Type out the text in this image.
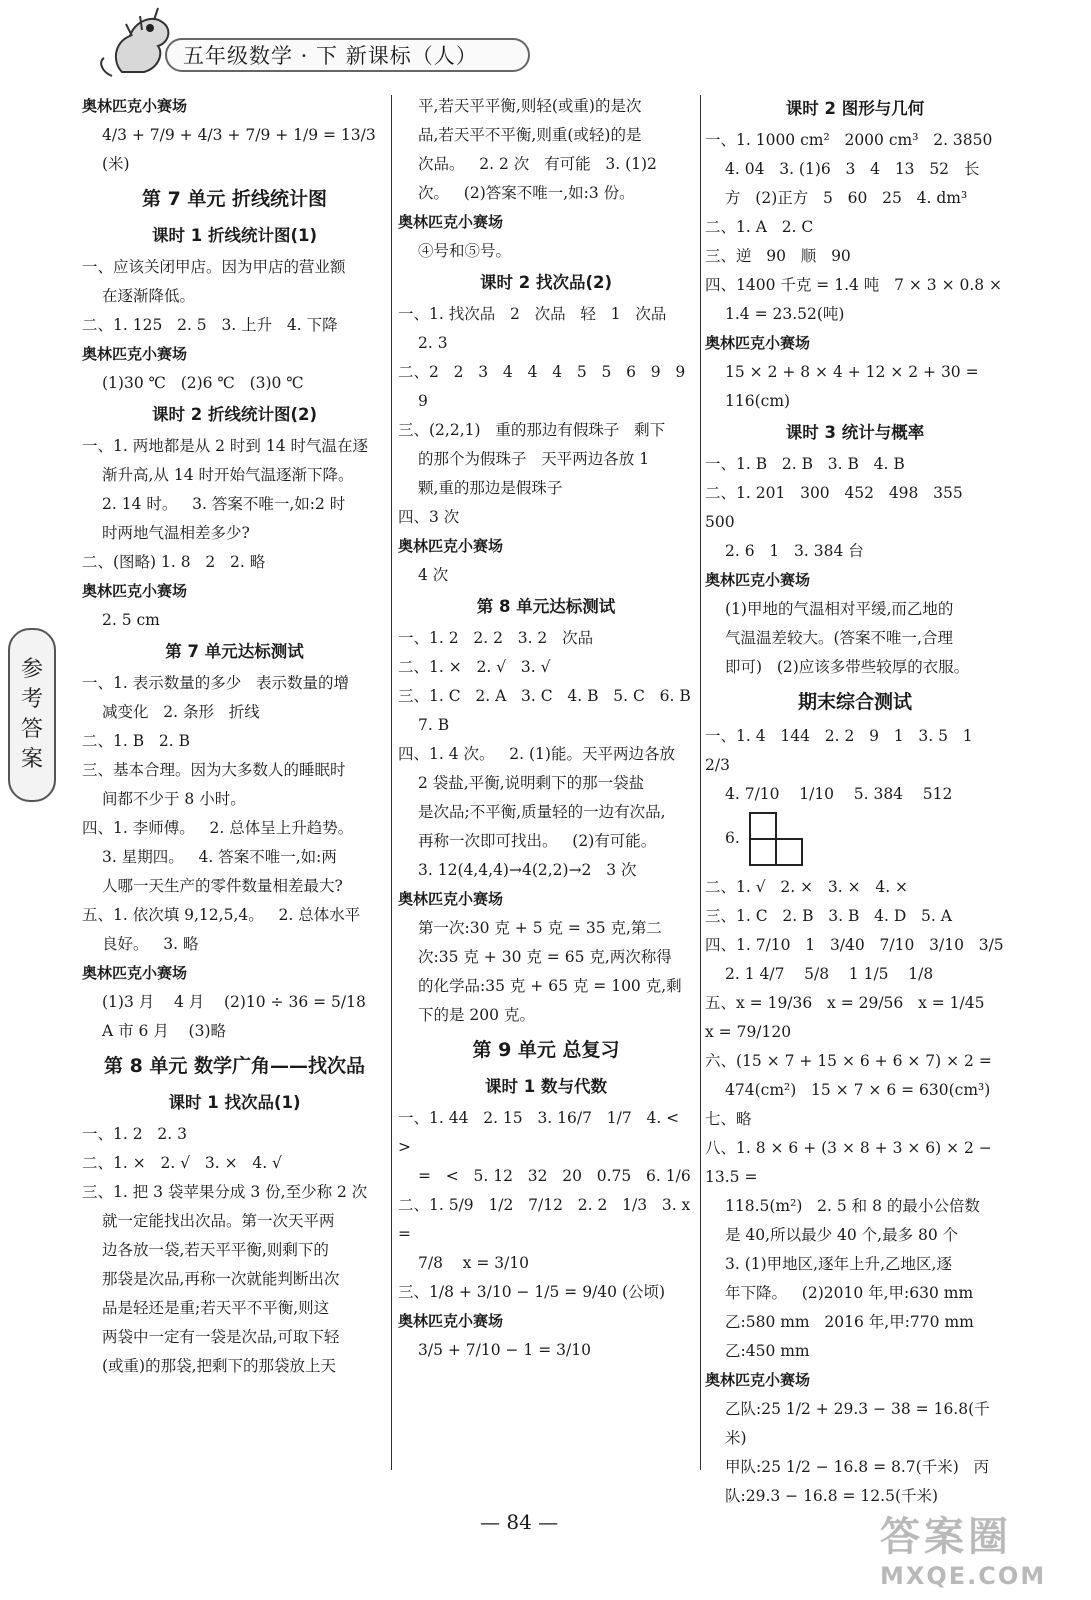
五年级数学 · 下 新课标（人）
参
考
答
案
奥林匹克小赛场
4/3 + 7/9 + 4/3 + 7/9 + 1/9 = 13/3 (米)
第 7 单元 折线统计图
课时 1 折线统计图(1)
一、应该关闭甲店。因为甲店的营业额
在逐渐降低。
二、1. 125   2. 5   3. 上升   4. 下降
奥林匹克小赛场
(1)30 ℃   (2)6 ℃   (3)0 ℃
课时 2 折线统计图(2)
一、1. 两地都是从 2 时到 14 时气温在逐
渐升高,从 14 时开始气温逐渐下降。
2. 14 时。   3. 答案不唯一,如:2 时
时两地气温相差多少?
二、(图略) 1. 8   2   2. 略
奥林匹克小赛场
2. 5 cm
第 7 单元达标测试
一、1. 表示数量的多少   表示数量的增
减变化   2. 条形   折线
二、1. B   2. B
三、基本合理。因为大多数人的睡眠时
间都不少于 8 小时。
四、1. 李师傅。   2. 总体呈上升趋势。
3. 星期四。   4. 答案不唯一,如:两
人哪一天生产的零件数量相差最大?
五、1. 依次填 9,12,5,4。   2. 总体水平
良好。   3. 略
奥林匹克小赛场
(1)3 月    4 月    (2)10 ÷ 36 = 5/18
A 市 6 月    (3)略
第 8 单元 数学广角——找次品
课时 1 找次品(1)
一、1. 2   2. 3
二、1. ×   2. √   3. ×   4. √
三、1. 把 3 袋苹果分成 3 份,至少称 2 次
就一定能找出次品。第一次天平两
边各放一袋,若天平平衡,则剩下的
那袋是次品,再称一次就能判断出次
品是轻还是重;若天平不平衡,则这
两袋中一定有一袋是次品,可取下轻
(或重)的那袋,把剩下的那袋放上天
平,若天平平衡,则轻(或重)的是次
品,若天平不平衡,则重(或轻)的是
次品。   2. 2 次   有可能   3. (1)2
次。   (2)答案不唯一,如:3 份。
奥林匹克小赛场
④号和⑤号。
课时 2 找次品(2)
一、1. 找次品   2   次品   轻   1   次品
2. 3
二、2   2   3   4   4   4   5   5   6   9   9
9
三、(2,2,1)   重的那边有假珠子   剩下
的那个为假珠子   天平两边各放 1
颗,重的那边是假珠子
四、3 次
奥林匹克小赛场
4 次
第 8 单元达标测试
一、1. 2   2. 2   3. 2   次品
二、1. ×   2. √   3. √
三、1. C   2. A   3. C   4. B   5. C   6. B
7. B
四、1. 4 次。   2. (1)能。天平两边各放
2 袋盐,平衡,说明剩下的那一袋盐
是次品;不平衡,质量轻的一边有次品,
再称一次即可找出。   (2)有可能。
3. 12(4,4,4)→4(2,2)→2   3 次
奥林匹克小赛场
第一次:30 克 + 5 克 = 35 克,第二
次:35 克 + 30 克 = 65 克,两次称得
的化学品:35 克 + 65 克 = 100 克,剩
下的是 200 克。
第 9 单元 总复习
课时 1 数与代数
一、1. 44   2. 15   3. 16/7   1/7   4. <   >
=   <   5. 12   32   20   0.75   6. 1/6
二、1. 5/9   1/2   7/12   2. 2   1/3   3. x =
7/8    x = 3/10
三、1/8 + 3/10 − 1/5 = 9/40 (公顷)
奥林匹克小赛场
3/5 + 7/10 − 1 = 3/10
课时 2 图形与几何
一、1. 1000 cm²   2000 cm³   2. 3850
4. 04   3. (1)6   3   4   13   52   长
方   (2)正方   5   60   25   4. dm³
二、1. A   2. C
三、逆   90   顺   90
四、1400 千克 = 1.4 吨   7 × 3 × 0.8 ×
1.4 = 23.52(吨)
奥林匹克小赛场
15 × 2 + 8 × 4 + 12 × 2 + 30 = 116(cm)
课时 3 统计与概率
一、1. B   2. B   3. B   4. B
二、1. 201   300   452   498   355   500
2. 6   1   3. 384 台
奥林匹克小赛场
(1)甲地的气温相对平缓,而乙地的
气温温差较大。(答案不唯一,合理
即可)   (2)应该多带些较厚的衣服。
期末综合测试
一、1. 4   144   2. 2   9   1   3. 5   1   2/3
4. 7/10    1/10    5. 384    512
6.
二、1. √   2. ×   3. ×   4. ×
三、1. C   2. B   3. B   4. D   5. A
四、1. 7/10   1   3/40   7/10   3/10   3/5
2. 1 4/7    5/8    1 1/5    1/8
五、x = 19/36   x = 29/56   x = 1/45   x = 79/120
六、(15 × 7 + 15 × 6 + 6 × 7) × 2 =
474(cm²)   15 × 7 × 6 = 630(cm³)
七、略
八、1. 8 × 6 + (3 × 8 + 3 × 6) × 2 − 13.5 =
118.5(m²)   2. 5 和 8 的最小公倍数
是 40,所以最少 40 个,最多 80 个
3. (1)甲地区,逐年上升,乙地区,逐
年下降。   (2)2010 年,甲:630 mm
乙:580 mm   2016 年,甲:770 mm
乙:450 mm
奥林匹克小赛场
乙队:25 1/2 + 29.3 − 38 = 16.8(千米)
甲队:25 1/2 − 16.8 = 8.7(千米)   丙
队:29.3 − 16.8 = 12.5(千米)
— 84 —	答案圈
MXQE.COM
